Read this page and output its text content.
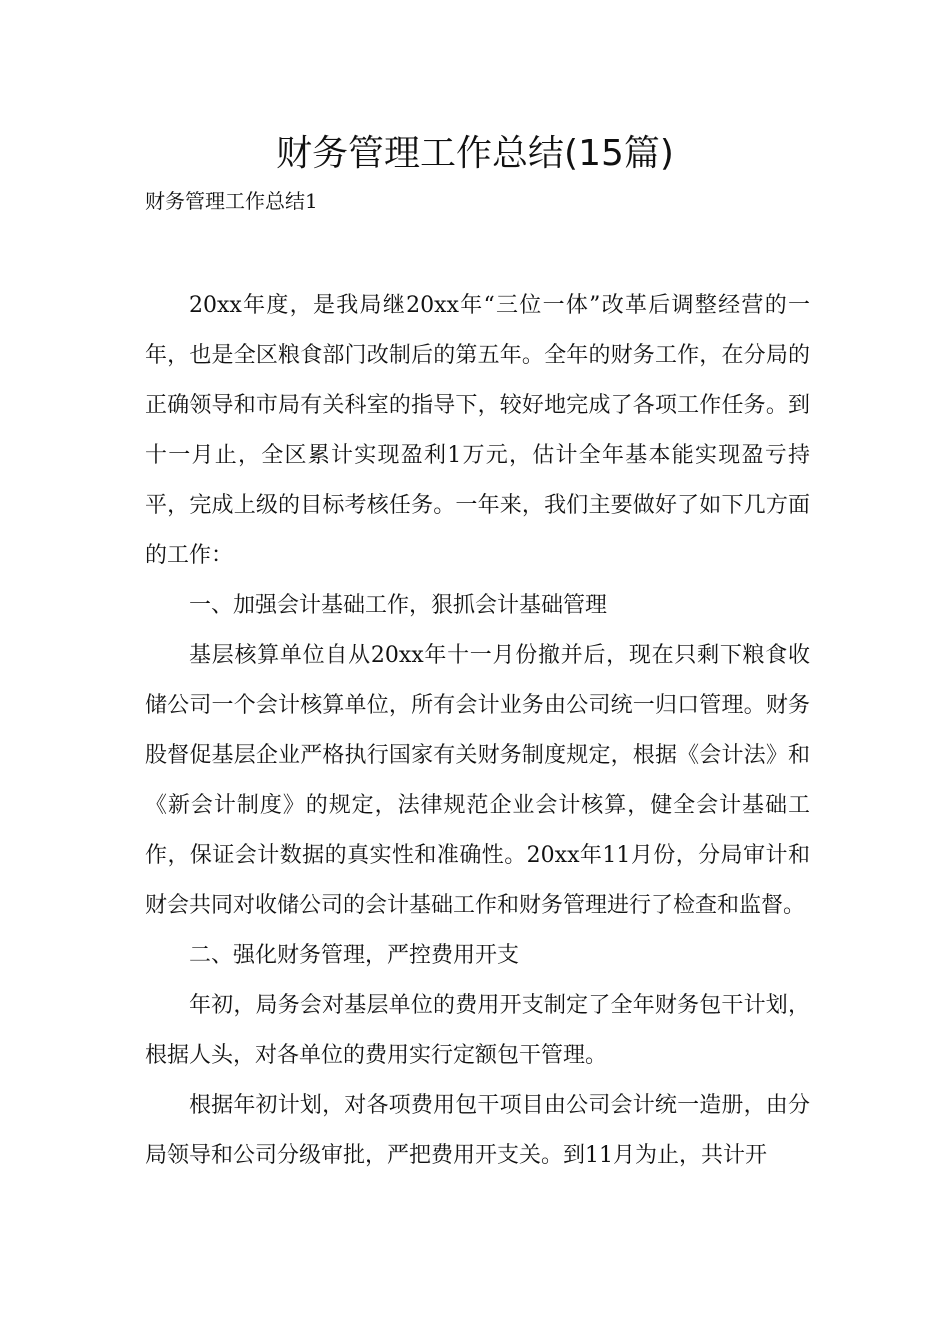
财务管理工作总结(15篇)
财务管理工作总结1

20xx年度，是我局继20xx年“三位一体”改革后调整经营的一年，也是全区粮食部门改制后的第五年。全年的财务工作，在分局的正确领导和市局有关科室的指导下，较好地完成了各项工作任务。到十一月止，全区累计实现盈利1万元，估计全年基本能实现盈亏持平，完成上级的目标考核任务。一年来，我们主要做好了如下几方面的工作：

一、加强会计基础工作，狠抓会计基础管理

基层核算单位自从20xx年十一月份撤并后，现在只剩下粮食收储公司一个会计核算单位，所有会计业务由公司统一归口管理。财务股督促基层企业严格执行国家有关财务制度规定，根据《会计法》和《新会计制度》的规定，法律规范企业会计核算，健全会计基础工作，保证会计数据的真实性和准确性。20xx年11月份，分局审计和财会共同对收储公司的会计基础工作和财务管理进行了检查和监督。

二、强化财务管理，严控费用开支

年初，局务会对基层单位的费用开支制定了全年财务包干计划，根据人头，对各单位的费用实行定额包干管理。

根据年初计划，对各项费用包干项目由公司会计统一造册，由分局领导和公司分级审批，严把费用开支关。到11月为止，共计开
